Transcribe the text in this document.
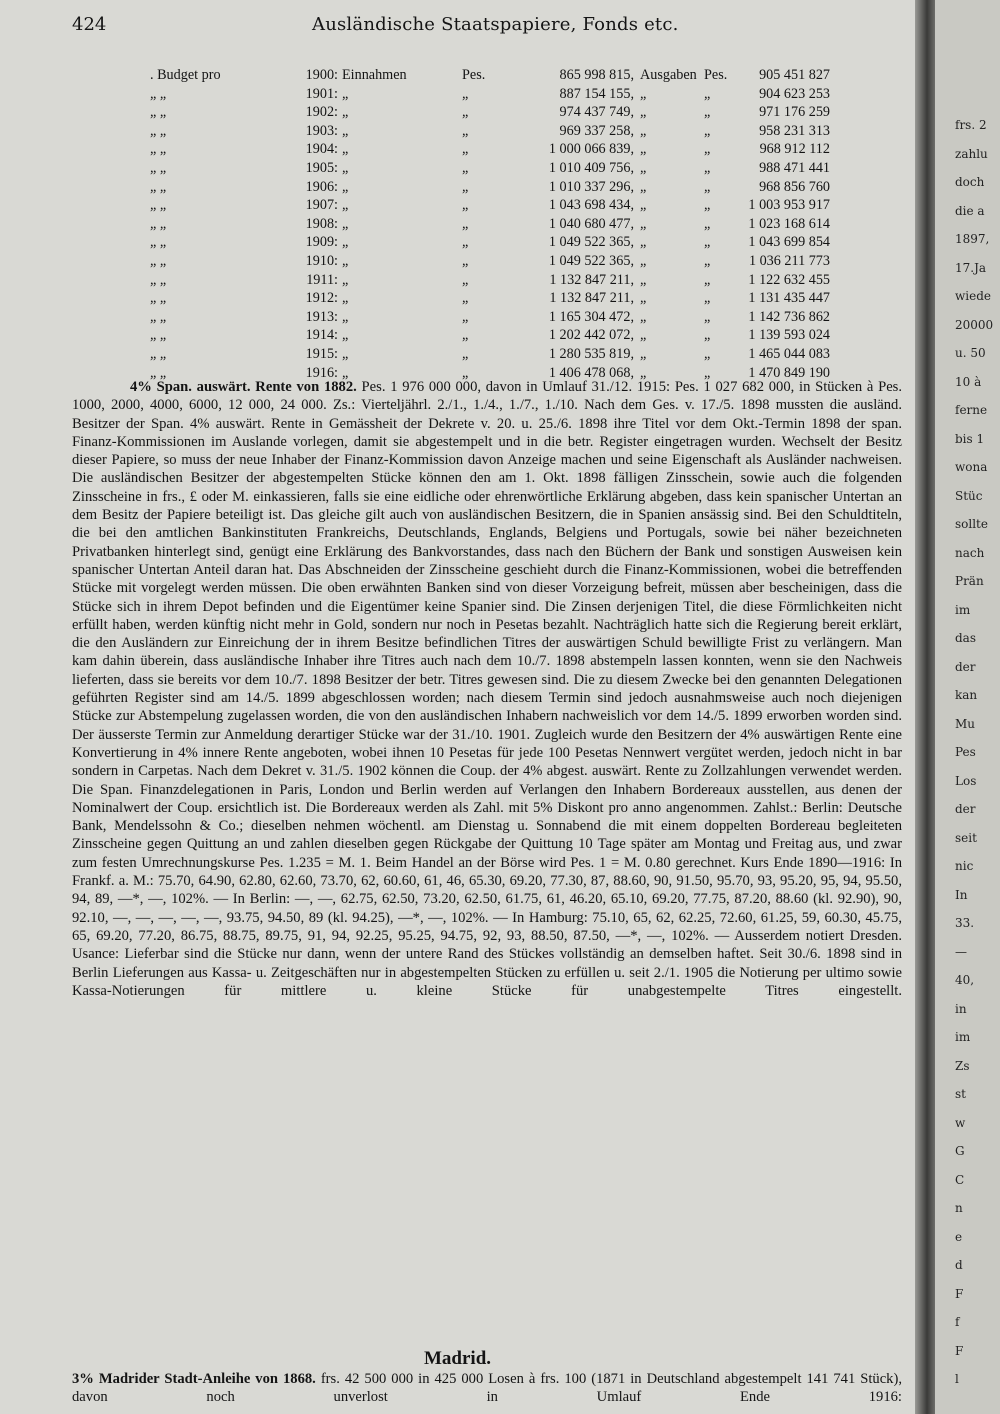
424	Ausländische Staatspapiere, Fonds etc.
. Budget pro	1900:	Einnahmen	Pes.	865 998 815,	Ausgaben	Pes.	905 451 827
„ „	1901:	„	„	887 154 155,	„	„	904 623 253
„ „	1902:	„	„	974 437 749,	„	„	971 176 259
„ „	1903:	„	„	969 337 258,	„	„	958 231 313
„ „	1904:	„	„	1 000 066 839,	„	„	968 912 112
„ „	1905:	„	„	1 010 409 756,	„	„	988 471 441
„ „	1906:	„	„	1 010 337 296,	„	„	968 856 760
„ „	1907:	„	„	1 043 698 434,	„	„	1 003 953 917
„ „	1908:	„	„	1 040 680 477,	„	„	1 023 168 614
„ „	1909:	„	„	1 049 522 365,	„	„	1 043 699 854
„ „	1910:	„	„	1 049 522 365,	„	„	1 036 211 773
„ „	1911:	„	„	1 132 847 211,	„	„	1 122 632 455
„ „	1912:	„	„	1 132 847 211,	„	„	1 131 435 447
„ „	1913:	„	„	1 165 304 472,	„	„	1 142 736 862
„ „	1914:	„	„	1 202 442 072,	„	„	1 139 593 024
„ „	1915:	„	„	1 280 535 819,	„	„	1 465 044 083
„ „	1916:	„	„	1 406 478 068,	„	„	1 470 849 190

4% Span. auswärt. Rente von 1882. Pes. 1 976 000 000, davon in Umlauf 31./12. 1915: Pes. 1 027 682 000, in Stücken à Pes. 1000, 2000, 4000, 6000, 12 000, 24 000. Zs.: Vierteljährl. 2./1., 1./4., 1./7., 1./10. Nach dem Ges. v. 17./5. 1898 mussten die ausländ. Besitzer der Span. 4% auswärt. Rente in Gemässheit der Dekrete v. 20. u. 25./6. 1898 ihre Titel vor dem Okt.-Termin 1898 der span. Finanz-Kommissionen im Auslande vorlegen, damit sie abgestempelt und in die betr. Register eingetragen wurden. Wechselt der Besitz dieser Papiere, so muss der neue Inhaber der Finanz-Kommission davon Anzeige machen und seine Eigenschaft als Ausländer nachweisen. Die ausländischen Besitzer der abgestempelten Stücke können den am 1. Okt. 1898 fälligen Zinsschein, sowie auch die folgenden Zinsscheine in frs., £ oder M. einkassieren, falls sie eine eidliche oder ehrenwörtliche Erklärung abgeben, dass kein spanischer Untertan an dem Besitz der Papiere beteiligt ist. Das gleiche gilt auch von ausländischen Besitzern, die in Spanien ansässig sind. Bei den Schuldtiteln, die bei den amtlichen Bankinstituten Frankreichs, Deutschlands, Englands, Belgiens und Portugals, sowie bei näher bezeichneten Privatbanken hinterlegt sind, genügt eine Erklärung des Bankvorstandes, dass nach den Büchern der Bank und sonstigen Ausweisen kein spanischer Untertan Anteil daran hat. Das Abschneiden der Zinsscheine geschieht durch die Finanz-Kommissionen, wobei die betreffenden Stücke mit vorgelegt werden müssen. Die oben erwähnten Banken sind von dieser Vorzeigung befreit, müssen aber bescheinigen, dass die Stücke sich in ihrem Depot befinden und die Eigentümer keine Spanier sind. Die Zinsen derjenigen Titel, die diese Förmlichkeiten nicht erfüllt haben, werden künftig nicht mehr in Gold, sondern nur noch in Pesetas bezahlt. Nachträglich hatte sich die Regierung bereit erklärt, die den Ausländern zur Einreichung der in ihrem Besitze befindlichen Titres der auswärtigen Schuld bewilligte Frist zu verlängern. Man kam dahin überein, dass ausländische Inhaber ihre Titres auch nach dem 10./7. 1898 abstempeln lassen konnten, wenn sie den Nachweis lieferten, dass sie bereits vor dem 10./7. 1898 Besitzer der betr. Titres gewesen sind. Die zu diesem Zwecke bei den genannten Delegationen geführten Register sind am 14./5. 1899 abgeschlossen worden; nach diesem Termin sind jedoch ausnahmsweise auch noch diejenigen Stücke zur Abstempelung zugelassen worden, die von den ausländischen Inhabern nachweislich vor dem 14./5. 1899 erworben worden sind. Der äusserste Termin zur Anmeldung derartiger Stücke war der 31./10. 1901. Zugleich wurde den Besitzern der 4% auswärtigen Rente eine Konvertierung in 4% innere Rente angeboten, wobei ihnen 10 Pesetas für jede 100 Pesetas Nennwert vergütet werden, jedoch nicht in bar sondern in Carpetas. Nach dem Dekret v. 31./5. 1902 können die Coup. der 4% abgest. auswärt. Rente zu Zollzahlungen verwendet werden. Die Span. Finanzdelegationen in Paris, London und Berlin werden auf Verlangen den Inhabern Bordereaux ausstellen, aus denen der Nominalwert der Coup. ersichtlich ist. Die Bordereaux werden als Zahl. mit 5% Diskont pro anno angenommen. Zahlst.: Berlin: Deutsche Bank, Mendelssohn & Co.; dieselben nehmen wöchentl. am Dienstag u. Sonnabend die mit einem doppelten Bordereau begleiteten Zinsscheine gegen Quittung an und zahlen dieselben gegen Rückgabe der Quittung 10 Tage später am Montag und Freitag aus, und zwar zum festen Umrechnungskurse Pes. 1.235 = M. 1. Beim Handel an der Börse wird Pes. 1 = M. 0.80 gerechnet. Kurs Ende 1890—1916: In Frankf. a. M.: 75.70, 64.90, 62.80, 62.60, 73.70, 62, 60.60, 61, 46, 65.30, 69.20, 77.30, 87, 88.60, 90, 91.50, 95.70, 93, 95.20, 95, 94, 95.50, 94, 89, —*, —, 102%. — In Berlin: —, —, 62.75, 62.50, 73.20, 62.50, 61.75, 61, 46.20, 65.10, 69.20, 77.75, 87.20, 88.60 (kl. 92.90), 90, 92.10, —, —, —, —, —, 93.75, 94.50, 89 (kl. 94.25), —*, —, 102%. — In Hamburg: 75.10, 65, 62, 62.25, 72.60, 61.25, 59, 60.30, 45.75, 65, 69.20, 77.20, 86.75, 88.75, 89.75, 91, 94, 92.25, 95.25, 94.75, 92, 93, 88.50, 87.50, —*, —, 102%. — Ausserdem notiert Dresden. Usance: Lieferbar sind die Stücke nur dann, wenn der untere Rand des Stückes vollständig an demselben haftet. Seit 30./6. 1898 sind in Berlin Lieferungen aus Kassa- u. Zeitgeschäften nur in abgestempelten Stücken zu erfüllen u. seit 2./1. 1905 die Notierung per ultimo sowie Kassa-Notierungen für mittlere u. kleine Stücke für unabgestempelte Titres eingestellt.

Madrid.

3% Madrider Stadt-Anleihe von 1868. frs. 42 500 000 in 425 000 Losen à frs. 100 (1871 in Deutschland abgestempelt 141 741 Stück), davon noch unverlost in Umlauf Ende 1916:

frs. 2
zahlu
doch
die a
1897,
17.Ja
wiede
20000
u. 50
10 à
ferne
bis 1
wona
Stüc
sollte
nach
Prän
im
das
der
kan
Mu
Pes
Los
der
seit
nic
In
33.
—
40,
in
im
Zs
st
w
G
C
n
e
d
F
f
F
l
